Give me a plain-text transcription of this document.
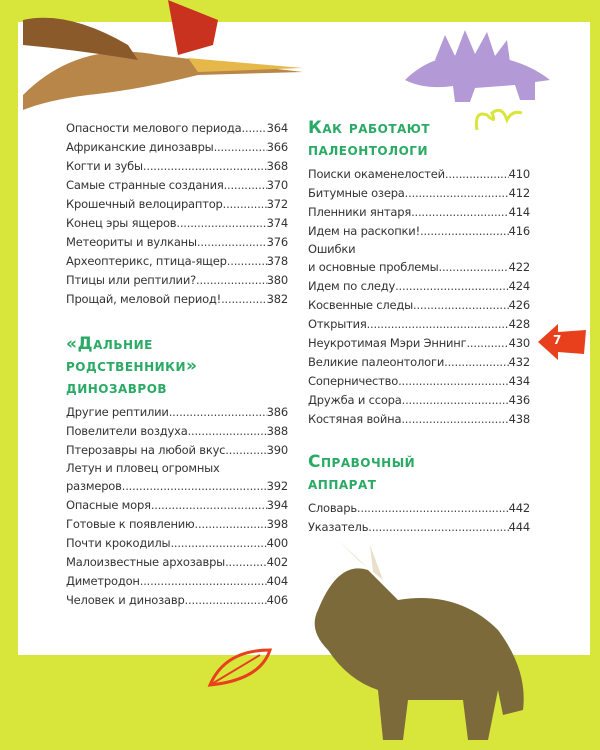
7
Опасности мелового периода ..... 364
Африканские динозавры .....	366
Когти и зубы .....	368
Самые странные создания .....	370
Крошечный велоцираптор .....	372
Конец эры ящеров .....	374
Метеориты и вулканы .....	376
Археоптерикс, птица-ящер .....	378
Птицы или рептилии? .....	380
Прощай, меловой период! .....	382
«Дальние
родственники»
динозавров
Другие рептилии .....	386
Повелители воздуха .....	388
Птерозавры на любой вкус .....	390
Летун и пловец огромных
размеров .....	392
Опасные моря .....	394
Готовые к появлению .....	398
Почти крокодилы .....	400
Малоизвестные архозавры .....	402
Диметродон .....	404
Человек и динозавр .....	406
Как работают
палеонтологи
Поиски окаменелостей .....	410
Битумные озера .....	412
Пленники янтаря .....	414
Идем на раскопки! .....	416
Ошибки
и основные проблемы .....	422
Идем по следу .....	424
Косвенные следы .....	426
Открытия .....	428
Неукротимая Мэри Эннинг .....	430
Великие палеонтологи .....	432
Соперничество .....	434
Дружба и ссора .....	436
Костяная война .....	438
Справочный
аппарат
Словарь .....	442
Указатель .....	444
